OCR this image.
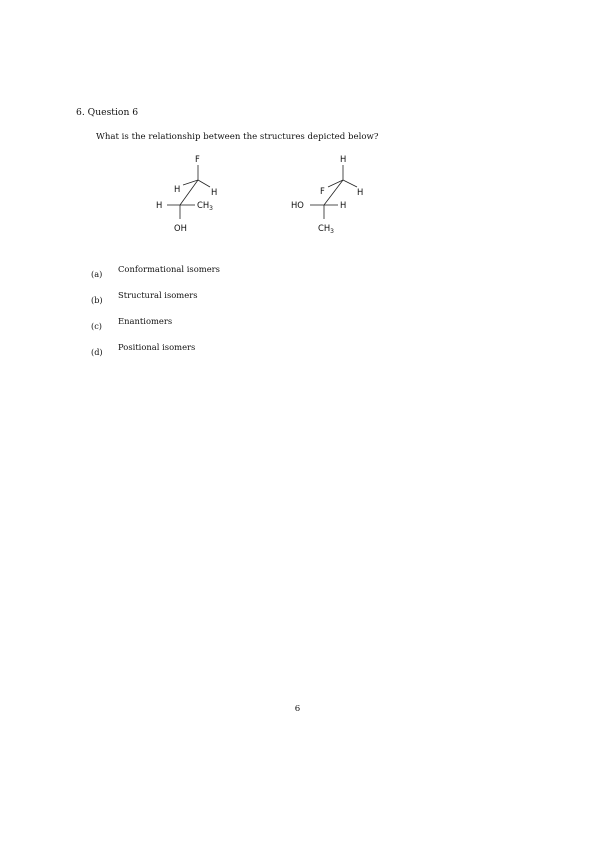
6. Question 6
What is the relationship between the structures depicted below?
F
H	H
H	$CH_3$
OH
H
F	H
HO	H
$CH_3$
(a) Conformational isomers
(b) Structural isomers
(c) Enantiomers
(d) Positional isomers
6
